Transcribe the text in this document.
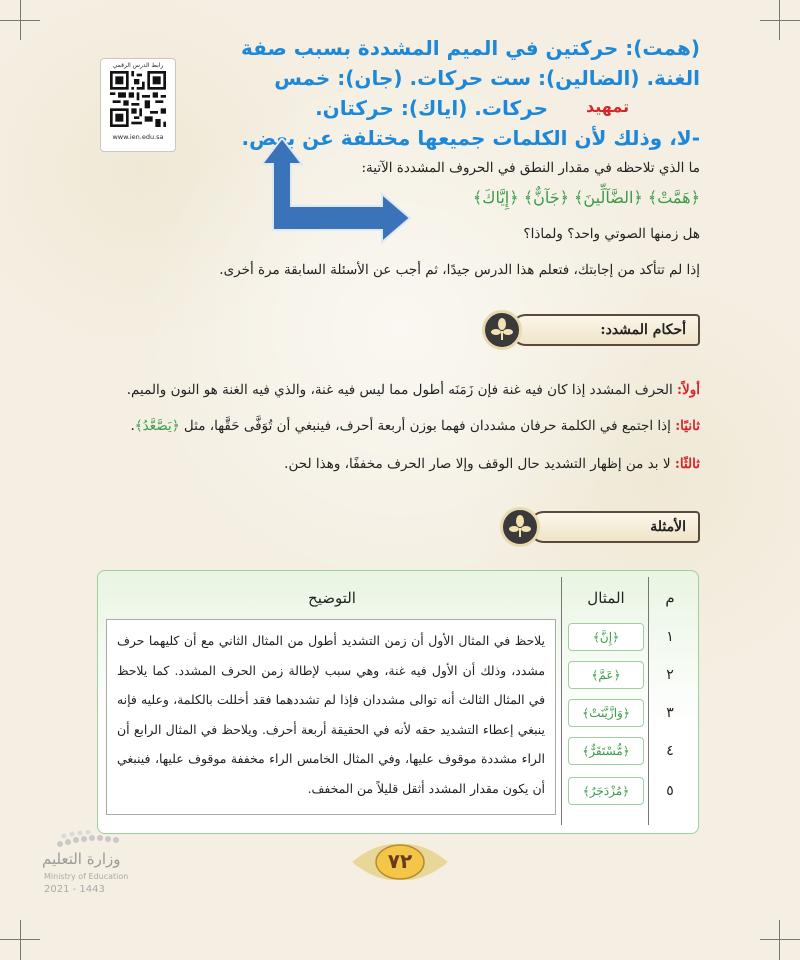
رابط الدرس الرقمي
www.ien.edu.sa
(همت): حركتين في الميم المشددة بسبب صفة
الغنة. (الضالين): ست حركات. (جان): خمس
حركات. (اياك): حركتان. تمهيد
-لا، وذلك لأن الكلمات جميعها مختلفة عن بعض.
ما الذي تلاحظه في مقدار النطق في الحروف المشددة الآتية:
﴿هَمَّتْ﴾ ﴿الضَّآلِّينَ﴾ ﴿جَآنٌّ﴾ ﴿إِيَّاكَ﴾
هل زمنها الصوتي واحد؟ ولماذا؟
إذا لم تتأكد من إجابتك، فتعلم هذا الدرس جيدًا، ثم أجب عن الأسئلة السابقة مرة أخرى.
أحكام المشدد:
أولاً: الحرف المشدد إذا كان فيه غنة فإن زَمَنَه أطول مما ليس فيه غنة، والذي فيه الغنة هو النون والميم.
ثانيًا: إذا اجتمع في الكلمة حرفان مشددان فهما بوزن أربعة أحرف، فينبغي أن تُوَفَّى حَقَّها، مثل ﴿يَصَّعَّدُ﴾.
ثالثًا: لا بد من إظهار التشديد حال الوقف وإلا صار الحرف مخففًا، وهذا لحن.
الأمثلة
التوضيح	المثال	م
يلاحظ في المثال الأول أن زمن التشديد أطول من المثال الثاني مع أن كليهما حرف مشدد، وذلك أن الأول فيه غنة، وهي سبب لإطالة زمن الحرف المشدد. كما يلاحظ في المثال الثالث أنه توالى مشددان فإذا لم تشددهما فقد أخللت بالكلمة، وعليه فإنه ينبغي إعطاء التشديد حقه لأنه في الحقيقة أربعة أحرف. ويلاحظ في المثال الرابع أن الراء مشددة موقوف عليها، وفي المثال الخامس الراء مخففة موقوف عليها، فينبغي أن يكون مقدار المشدد أثقل قليلاً من المخفف.
﴿إِنَّ﴾	١
﴿عَمَّ﴾	٢
﴿وَازَّيَّنَتْ﴾	٣
﴿مُّسْتَقَرٌّ﴾	٤
﴿مُزْدَجَرٌ﴾	٥
وزارة التعليم
Ministry of Education
2021 - 1443
٧٢
